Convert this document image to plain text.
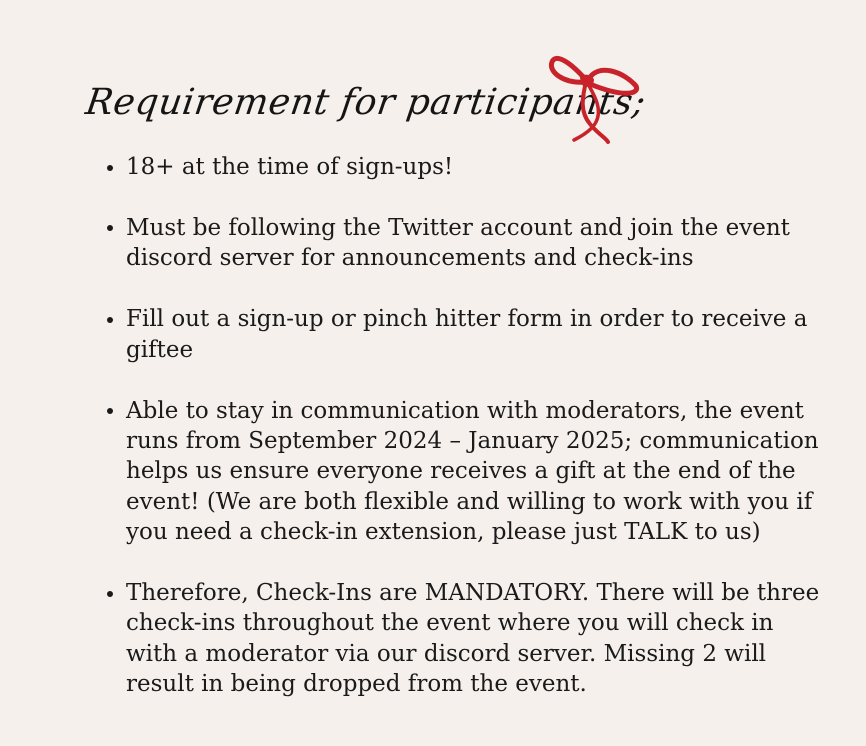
Requirement for participants;
18+ at the time of sign-ups!
Must be following the Twitter account and join the event discord server for announcements and check-ins
Fill out a sign-up or pinch hitter form in order to receive a giftee
Able to stay in communication with moderators, the event runs from September 2024 – January 2025; communication helps us ensure everyone receives a gift at the end of the event! (We are both flexible and willing to work with you if you need a check-in extension, please just TALK to us)
Therefore, Check-Ins are MANDATORY. There will be three check-ins throughout the event where you will check in with a moderator via our discord server. Missing 2 will result in being dropped from the event.
